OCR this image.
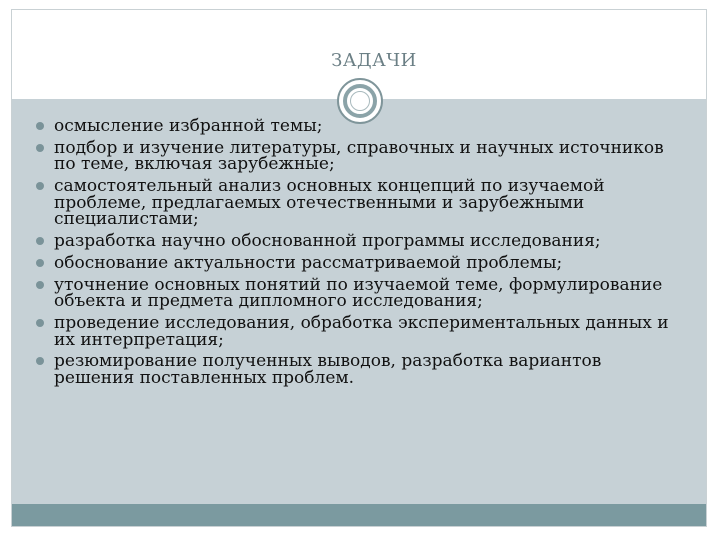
ЗАДАЧИ
осмысление избранной темы;
подбор и изучение литературы, справочных и научных источников по теме, включая зарубежные;
самостоятельный анализ основных концепций по изучаемой проблеме, предлагаемых отечественными и зарубежными специалистами;
разработка научно обоснованной программы исследования;
обоснование актуальности рассматриваемой проблемы;
уточнение основных понятий по изучаемой теме, формулирование объекта и предмета дипломного исследования;
проведение исследования, обработка экспериментальных данных и их интерпретация;
резюмирование полученных выводов, разработка вариантов решения поставленных проблем.
